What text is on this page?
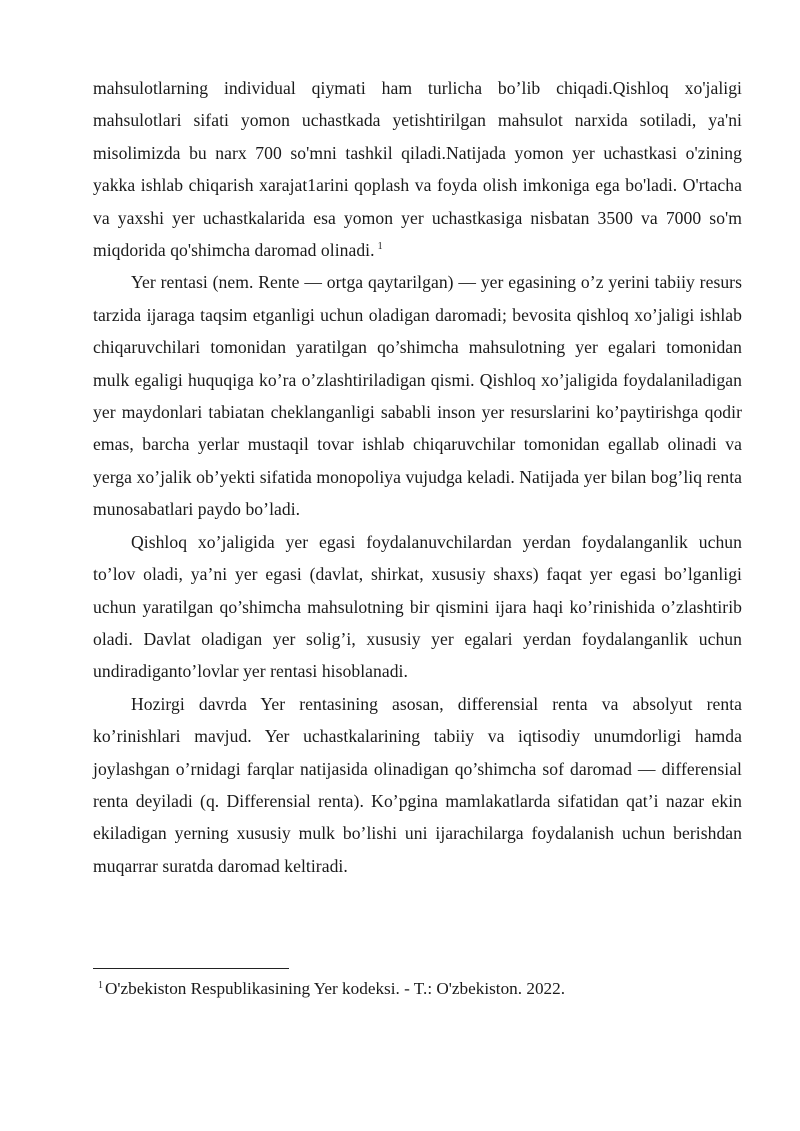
mahsulotlarning individual qiymati ham turlicha bo’lib chiqadi.Qishloq xo'jaligi mahsulotlari sifati yomon uchastkada yetishtirilgan mahsulot narxida sotiladi, ya'ni misolimizda bu narx 700 so'mni tashkil qiladi.Natijada yomon yer uchastkasi o'zining yakka ishlab chiqarish xarajat1arini qoplash va foyda olish imkoniga ega bo'ladi. O'rtacha va yaxshi yer uchastkalarida esa yomon yer uchastkasiga nisbatan 3500 va 7000 so'm miqdorida qo'shimcha daromad olinadi. $^1$

Yer rentasi (nem. Rente — ortga qaytarilgan) — yer egasining o’z yerini tabiiy resurs tarzida ijaraga taqsim etganligi uchun oladigan daromadi; bevosita qishloq xo’jaligi ishlab chiqaruvchilari tomonidan yaratilgan qo’shimcha mahsulotning yer egalari tomonidan mulk egaligi huquqiga ko’ra o’zlashtiriladigan qismi. Qishloq xo’jaligida foydalaniladigan yer maydonlari tabiatan cheklanganligi sababli inson yer resurslarini ko’paytirishga qodir emas, barcha yerlar mustaqil tovar ishlab chiqaruvchilar tomonidan egallab olinadi va yerga xo’jalik ob’yekti sifatida monopoliya vujudga keladi. Natijada yer bilan bog’liq renta munosabatlari paydo bo’ladi.

Qishloq xo’jaligida yer egasi foydalanuvchilardan yerdan foydalanganlik uchun to’lov oladi, ya’ni yer egasi (davlat, shirkat, xususiy shaxs) faqat yer egasi bo’lganligi uchun yaratilgan qo’shimcha mahsulotning bir qismini ijara haqi ko’rinishida o’zlashtirib oladi. Davlat oladigan yer solig’i, xususiy yer egalari yerdan foydalanganlik uchun undiradiganto’lovlar yer rentasi hisoblanadi.

Hozirgi davrda Yer rentasining asosan, differensial renta va absolyut renta ko’rinishlari mavjud. Yer uchastkalarining tabiiy va iqtisodiy unumdorligi hamda joylashgan o’rnidagi farqlar natijasida olinadigan qo’shimcha sof daromad — differensial renta deyiladi (q. Differensial renta). Ko’pgina mamlakatlarda sifatidan qat’i nazar ekin ekiladigan yerning xususiy mulk bo’lishi uni ijarachilarga foydalanish uchun berishdan muqarrar suratda daromad keltiradi.

$^1$ O'zbekiston Respublikasining Yer kodeksi. - T.: O'zbekiston. 2022.
